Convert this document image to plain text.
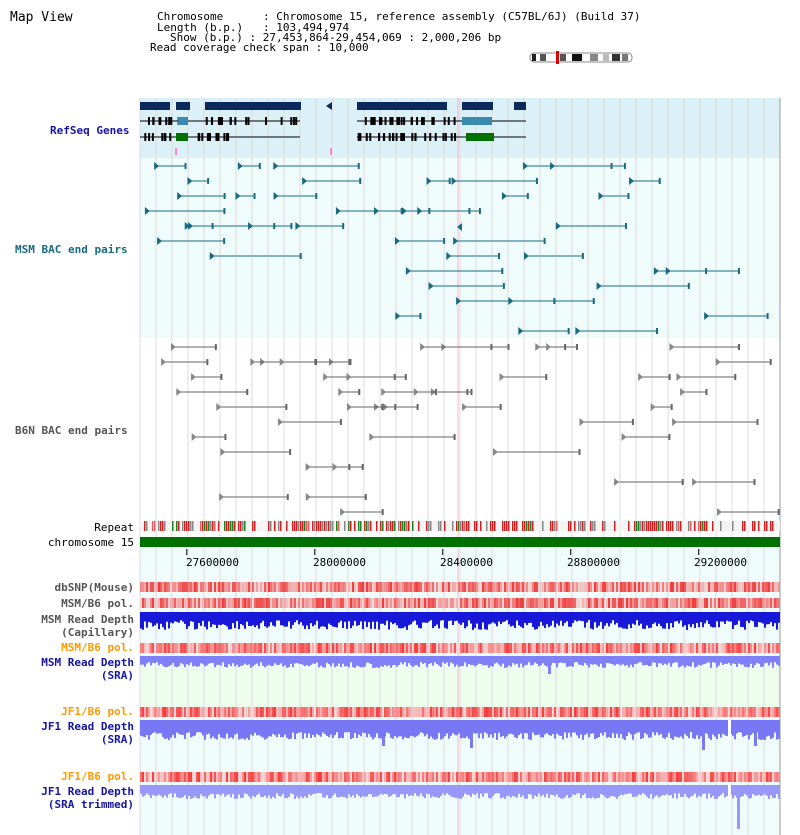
Map View	Chromosome      : Chromosome 15, reference assembly (C57BL/6J) (Build 37)
Length (b.p.)   : 103,494,974
Show (b.p.) : 27,453,864-29,454,069 : 2,000,206 bp
Read coverage check span : 10,000
RefSeq Genes
MSM BAC end pairs
B6N BAC end pairs
Repeat
chromosome 15
dbSNP(Mouse)
MSM/B6 pol.
MSM Read Depth
(Capillary)
MSM/B6 pol.
MSM Read Depth
(SRA)
JF1/B6 pol.
JF1 Read Depth
(SRA)
JF1/B6 pol.
JF1 Read Depth
(SRA trimmed)
27600000	28000000	28400000	28800000	29200000
